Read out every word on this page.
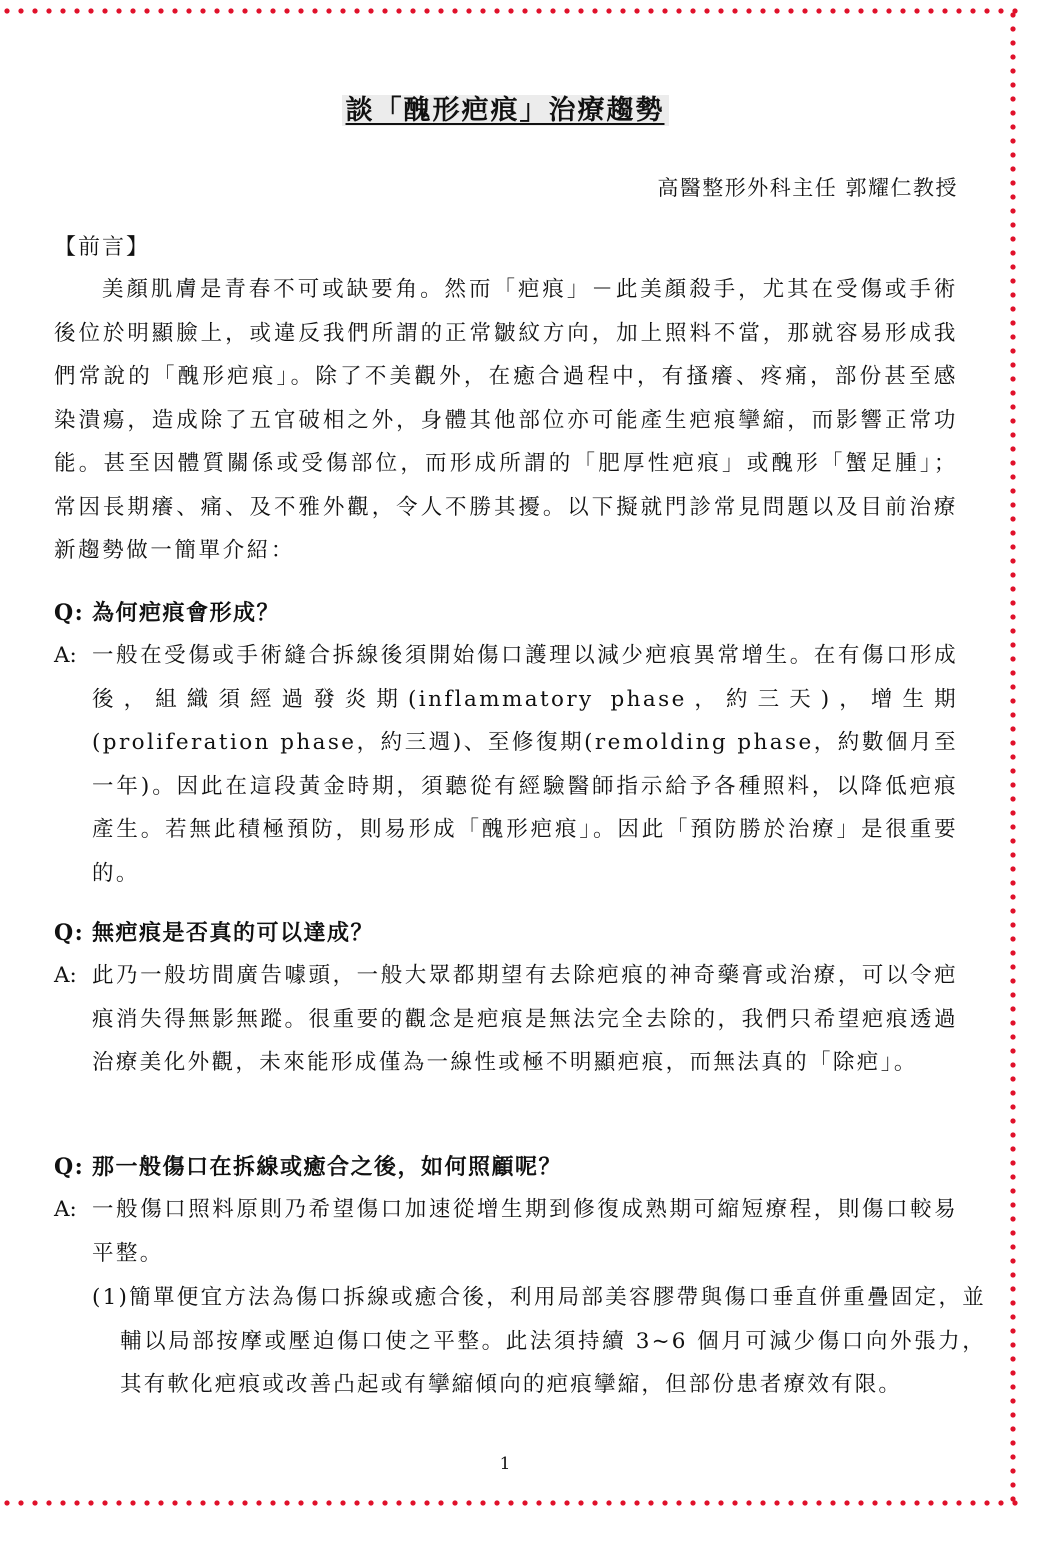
談「醜形疤痕」治療趨勢
高醫整形外科主任 郭耀仁教授
【前言】

美顏肌膚是青春不可或缺要角。然而「疤痕」－此美顏殺手，尤其在受傷或手術後位於明顯臉上，或違反我們所謂的正常皺紋方向，加上照料不當，那就容易形成我們常說的「醜形疤痕」。除了不美觀外，在癒合過程中，有搔癢、疼痛，部份甚至感染潰瘍，造成除了五官破相之外，身體其他部位亦可能產生疤痕攣縮，而影響正常功能。甚至因體質關係或受傷部位，而形成所謂的「肥厚性疤痕」或醜形「蟹足腫」；常因長期癢、痛、及不雅外觀，令人不勝其擾。以下擬就門診常見問題以及目前治療新趨勢做一簡單介紹：

Q: 為何疤痕會形成？
A: 一般在受傷或手術縫合拆線後須開始傷口護理以減少疤痕異常增生。在有傷口形成後，組織須經過發炎期(inflammatory phase，約三天)，增生期(proliferation phase，約三週)、至修復期(remolding phase，約數個月至一年)。因此在這段黃金時期，須聽從有經驗醫師指示給予各種照料，以降低疤痕產生。若無此積極預防，則易形成「醜形疤痕」。因此「預防勝於治療」是很重要的。
Q: 無疤痕是否真的可以達成？
A: 此乃一般坊間廣告噱頭，一般大眾都期望有去除疤痕的神奇藥膏或治療，可以令疤痕消失得無影無蹤。很重要的觀念是疤痕是無法完全去除的，我們只希望疤痕透過治療美化外觀，未來能形成僅為一線性或極不明顯疤痕，而無法真的「除疤」。
Q: 那一般傷口在拆線或癒合之後，如何照顧呢？
A: 一般傷口照料原則乃希望傷口加速從增生期到修復成熟期可縮短療程，則傷口較易平整。

(1)簡單便宜方法為傷口拆線或癒合後，利用局部美容膠帶與傷口垂直併重疊固定，並輔以局部按摩或壓迫傷口使之平整。此法須持續 3~6 個月可減少傷口向外張力，其有軟化疤痕或改善凸起或有攣縮傾向的疤痕攣縮，但部份患者療效有限。

1
